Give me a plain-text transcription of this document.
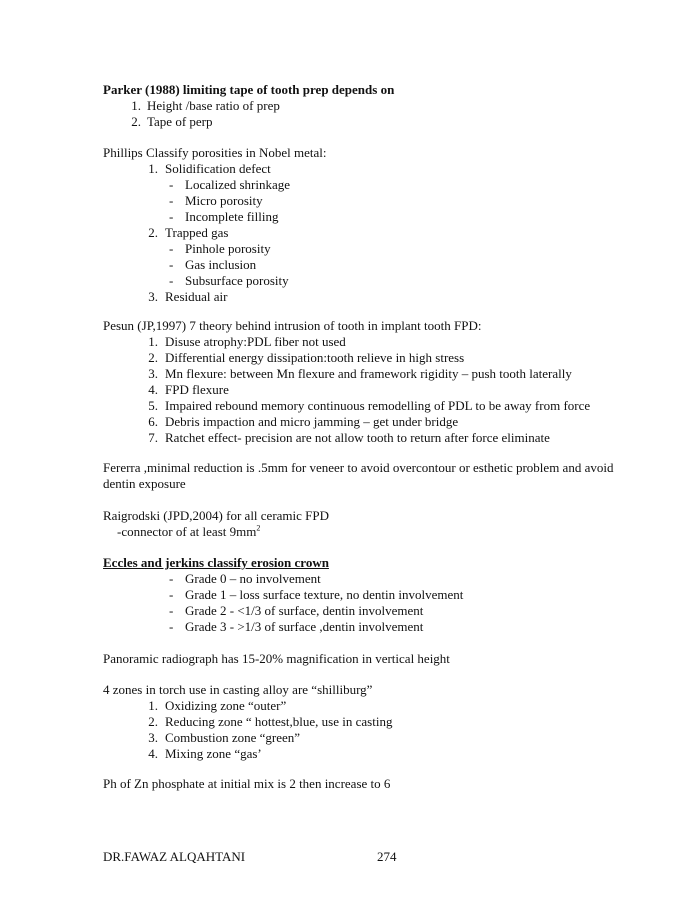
Parker (1988) limiting tape of tooth prep depends on
1. Height /base ratio of prep
2. Tape of perp
Phillips Classify porosities in Nobel metal:
1. Solidification defect
- Localized shrinkage
- Micro porosity
- Incomplete filling
2. Trapped gas
- Pinhole porosity
- Gas inclusion
- Subsurface porosity
3. Residual air
Pesun (JP,1997) 7 theory behind intrusion of tooth in implant tooth FPD:
1. Disuse atrophy:PDL fiber not used
2. Differential energy dissipation:tooth relieve in high stress
3. Mn flexure: between Mn flexure and framework rigidity – push tooth laterally
4. FPD flexure
5. Impaired rebound memory continuous remodelling of PDL to be away from force
6. Debris impaction and micro jamming – get under bridge
7. Ratchet effect- precision are not allow tooth to return after force eliminate
Fererra ,minimal reduction is .5mm for veneer to avoid overcontour or esthetic problem and avoid dentin exposure
Raigrodski (JPD,2004) for all ceramic FPD
-connector of at least $9mm^2$
Eccles and jerkins classify erosion crown
- Grade 0 – no involvement
- Grade 1 – loss surface texture, no dentin involvement
- Grade 2 - <1/3 of surface, dentin involvement
- Grade 3 - >1/3 of surface ,dentin involvement
Panoramic radiograph has 15-20% magnification in vertical height
4 zones in torch use in casting alloy are “shilliburg”
1. Oxidizing zone “outer”
2. Reducing zone “ hottest,blue, use in casting
3. Combustion zone “green”
4. Mixing zone “gas’
Ph of Zn phosphate at initial mix is 2 then increase to 6
DR.FAWAZ ALQAHTANI	274
